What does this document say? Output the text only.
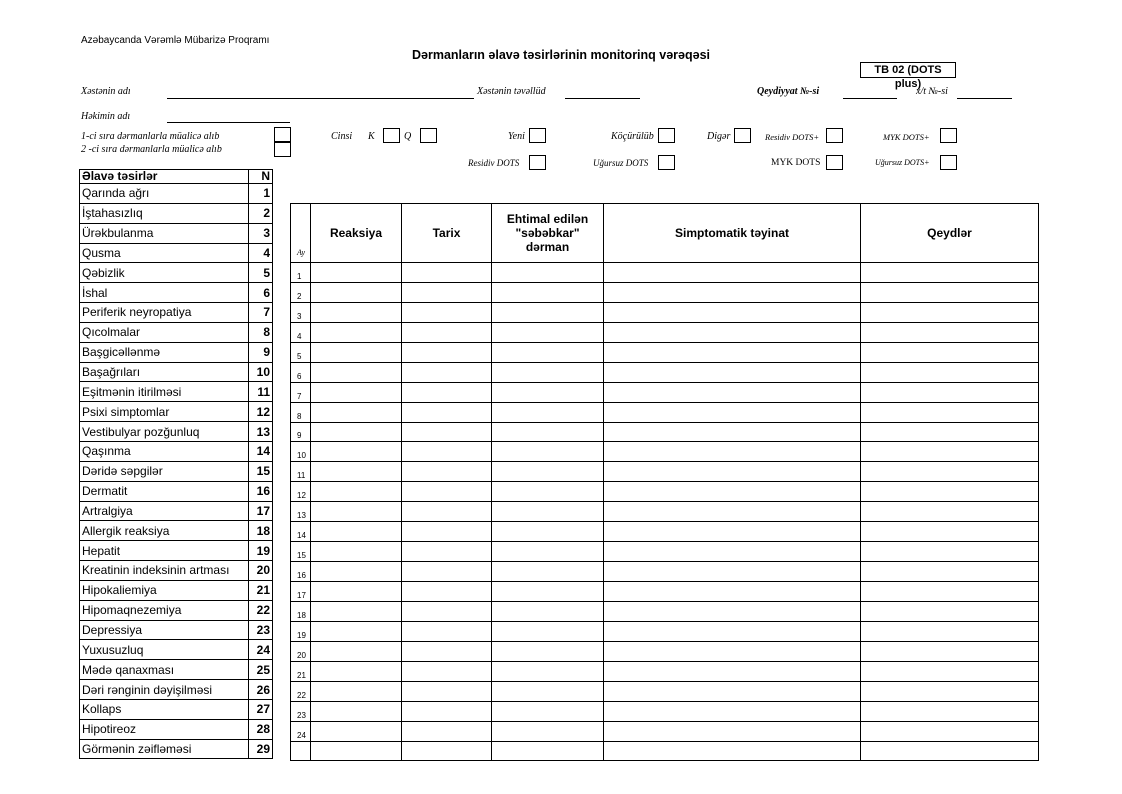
Azəbaycanda Vərəmlə Mübarizə Proqramı
Dərmanların əlavə təsirlərinin monitorinq vərəqəsi
TB 02 (DOTS plus)
Xəstənin adı	Xəstənin təvəllüd	Qeydiyyat №-si	x/t №-si
Həkimin adı
1-ci sıra dərmanlarla müalicə alıb
2 -ci sıra dərmanlarla müalicə alıb
Cinsi K	Q	Yeni	Köçürülüb	Digər	Residiv DOTS+	MYK DOTS+
Residiv DOTS	Uğursuz DOTS	MYK DOTS	Uğursuz DOTS+
Əlavə təsirlər	N
Qarında ağrı	1
İştahasızlıq	2
Ürəkbulanma	3
Qusma	4
Qəbizlik	5
İshal	6
Periferik neyropatiya	7
Qıcolmalar	8
Başgicəllənmə	9
Başağrıları	10
Eşitmənin itirilməsi	11
Psixi simptomlar	12
Vestibulyar pozğunluq	13
Qaşınma	14
Dəridə səpgilər	15
Dermatit	16
Artralgiya	17
Allergik reaksiya	18
Hepatit	19
Kreatinin indeksinin artması	20
Hipokaliemiya	21
Hipomaqnezemiya	22
Depressiya	23
Yuxusuzluq	24
Mədə qanaxması	25
Dəri rənginin dəyişilməsi	26
Kollaps	27
Hipotireoz	28
Görmənin zəifləməsi	29
Ay	Reaksiya	Tarix	Ehtimal edilən
"səbəbkar"
dərman	Simptomatik təyinat	Qeydlər
1					
2					
3					
4					
5					
6					
7					
8					
9					
10					
11					
12					
13					
14					
15					
16					
17					
18					
19					
20					
21					
22					
23					
24					
